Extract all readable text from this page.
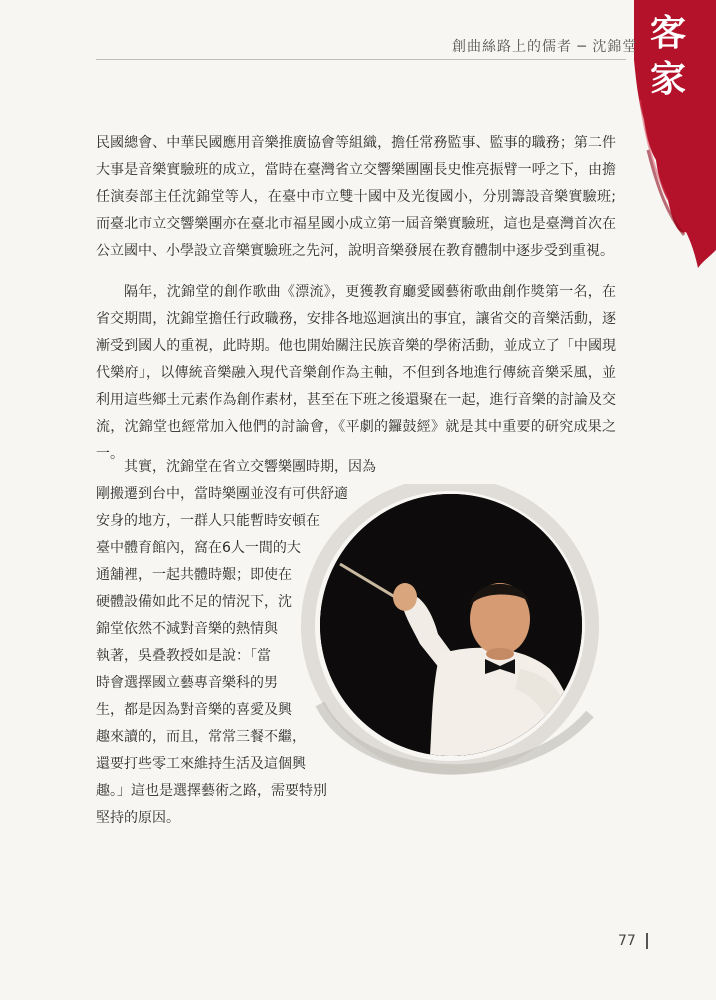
客
家
創曲絲路上的儒者 ─ 沈錦堂

民國總會、中華民國應用音樂推廣協會等組織，擔任常務監事、監事的職務；第二件大事是音樂實驗班的成立，當時在臺灣省立交響樂團團長史惟亮振臂一呼之下，由擔任演奏部主任沈錦堂等人，在臺中市立雙十國中及光復國小，分別籌設音樂實驗班;而臺北市立交響樂團亦在臺北市福星國小成立第一屆音樂實驗班，這也是臺灣首次在公立國中、小學設立音樂實驗班之先河，說明音樂發展在教育體制中逐步受到重視。

隔年，沈錦堂的創作歌曲《漂流》，更獲教育廳愛國藝術歌曲創作獎第一名，在省交期間，沈錦堂擔任行政職務，安排各地巡迴演出的事宜，讓省交的音樂活動，逐漸受到國人的重視，此時期。他也開始關注民族音樂的學術活動，並成立了「中國現代樂府」，以傳統音樂融入現代音樂創作為主軸，不但到各地進行傳統音樂采風，並利用這些鄉土元素作為創作素材，甚至在下班之後還聚在一起，進行音樂的討論及交流，沈錦堂也經常加入他們的討論會，《平劇的鑼鼓經》就是其中重要的研究成果之一。

其實，沈錦堂在省立交響樂團時期，因為
剛搬遷到台中，當時樂團並沒有可供舒適
安身的地方，一群人只能暫時安頓在
臺中體育館內，窩在6人一間的大
通舖裡，一起共體時艱；即使在
硬體設備如此不足的情況下，沈
錦堂依然不減對音樂的熱情與
執著，吳叠教授如是說：「當
時會選擇國立藝專音樂科的男
生，都是因為對音樂的喜愛及興
趣來讀的，而且，常常三餐不繼，
還要打些零工來維持生活及這個興
趣。」這也是選擇藝術之路，需要特別
堅持的原因。
77
